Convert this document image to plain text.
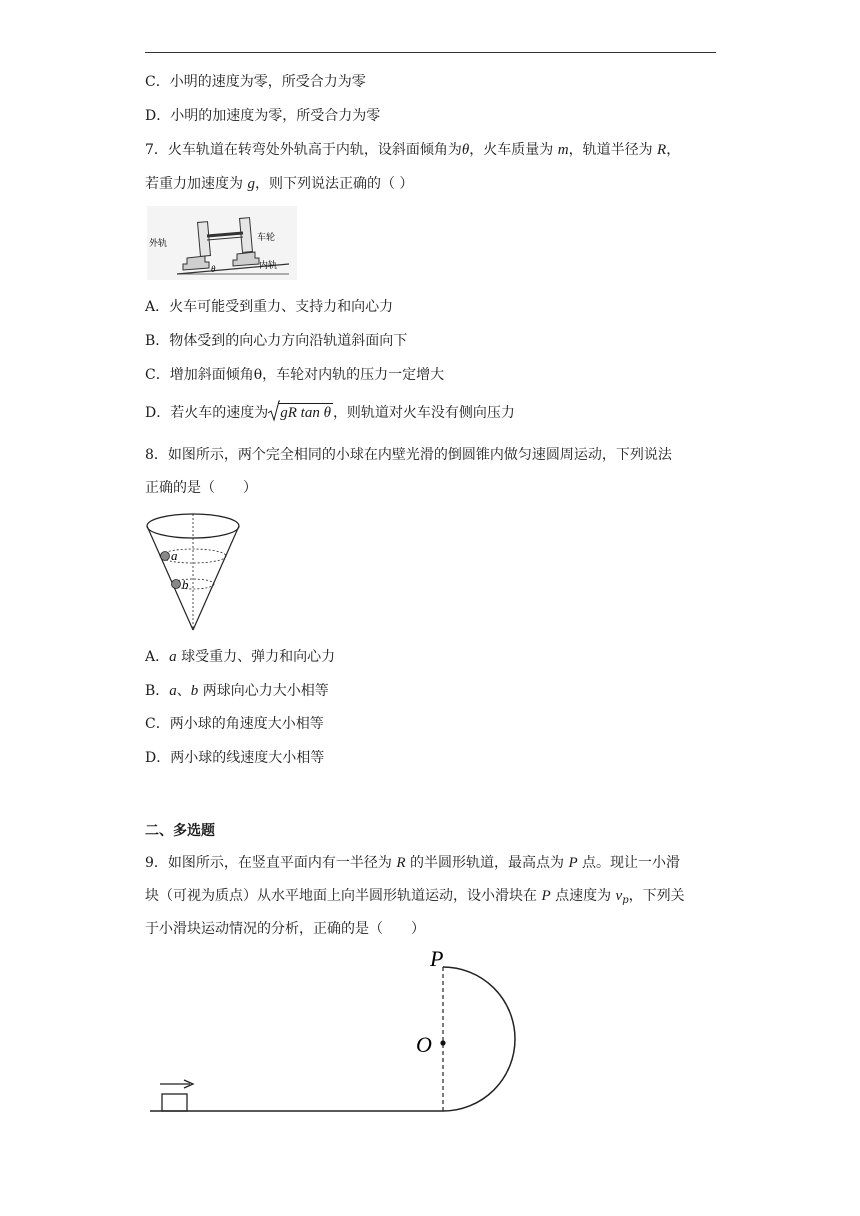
C．小明的速度为零，所受合力为零
D．小明的加速度为零，所受合力为零
7．火车轨道在转弯处外轨高于内轨，设斜面倾角为θ，火车质量为 m，轨道半径为 R，
若重力加速度为 g，则下列说法正确的（ ）
外轨
车轮
内轨
θ
A．火车可能受到重力、支持力和向心力
B．物体受到的向心力方向沿轨道斜面向下
C．增加斜面倾角θ，车轮对内轨的压力一定增大
D．若火车的速度为 gR tan θ ，则轨道对火车没有侧向压力
8．如图所示，两个完全相同的小球在内壁光滑的倒圆锥内做匀速圆周运动，下列说法
正确的是（　　）
a
b
A．a 球受重力、弹力和向心力
B．a、b 两球向心力大小相等
C．两小球的角速度大小相等
D．两小球的线速度大小相等
二、多选题
9．如图所示，在竖直平面内有一半径为 R 的半圆形轨道，最高点为 P 点。现让一小滑
块（可视为质点）从水平地面上向半圆形轨道运动，设小滑块在 P 点速度为 $v_p$，下列关
于小滑块运动情况的分析，正确的是（　　）
P
O
